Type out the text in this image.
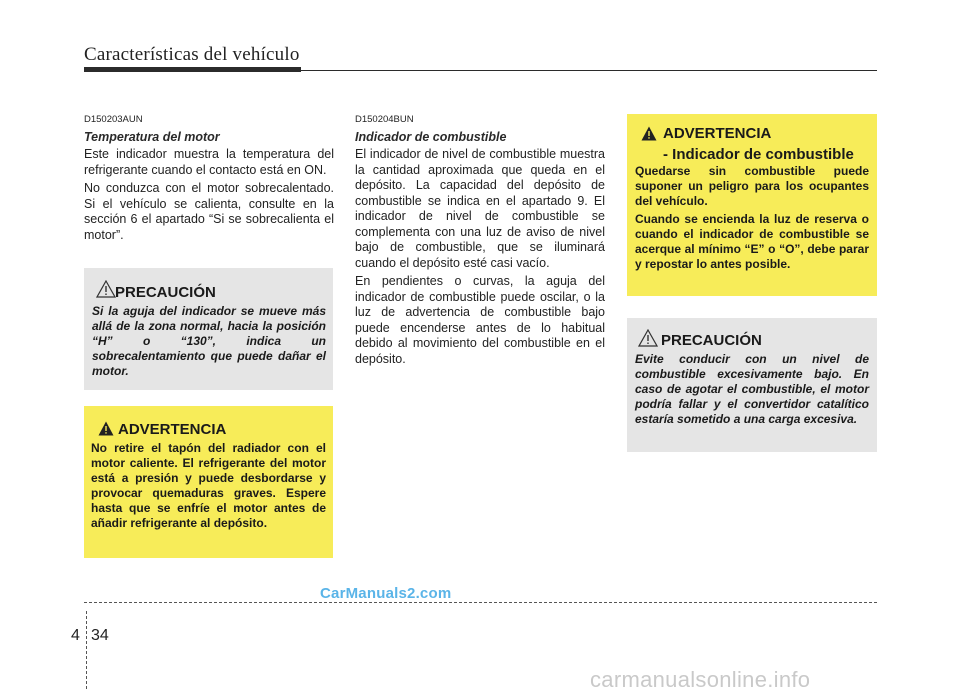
Características del vehículo
D150203AUN
Temperatura del motor

Este indicador muestra la temperatura del refrigerante cuando el contacto está en ON.

No conduzca con el motor sobrecalentado. Si el vehículo se calienta, consulte en la sección 6 el apartado “Si se sobrecalienta el motor”.

PRECAUCIÓN

Si la aguja del indicador se mueve más allá de la zona normal, hacia la posición “H” o “130”, indica un sobrecalentamiento que puede dañar el motor.

ADVERTENCIA

No retire el tapón del radiador con el motor caliente. El refrigerante del motor está a presión y puede desbordarse y provocar quemaduras graves. Espere hasta que se enfríe el motor antes de añadir refrigerante al depósito.

D150204BUN
Indicador de combustible

El indicador de nivel de combustible muestra la cantidad aproximada que queda en el depósito. La capacidad del depósito de combustible se indica en el apartado 9. El indicador de nivel de combustible se complementa con una luz de aviso de nivel bajo de combustible, que se iluminará cuando el depósito esté casi vacío.

En pendientes o curvas, la aguja del indicador de combustible puede oscilar, o la luz de advertencia de combustible bajo puede encenderse antes de lo habitual debido al movimiento del combustible en el depósito.

ADVERTENCIA
- Indicador de combustible

Quedarse sin combustible puede suponer un peligro para los ocupantes del vehículo.

Cuando se encienda la luz de reserva o cuando el indicador de combustible se acerque al mínimo “E” o “O”, debe parar y repostar lo antes posible.

PRECAUCIÓN

Evite conducir con un nivel de combustible excesivamente bajo. En caso de agotar el combustible, el motor podría fallar y el convertidor catalítico estaría sometido a una carga excesiva.

CarManuals2.com
4 34
carmanualsonline.info
